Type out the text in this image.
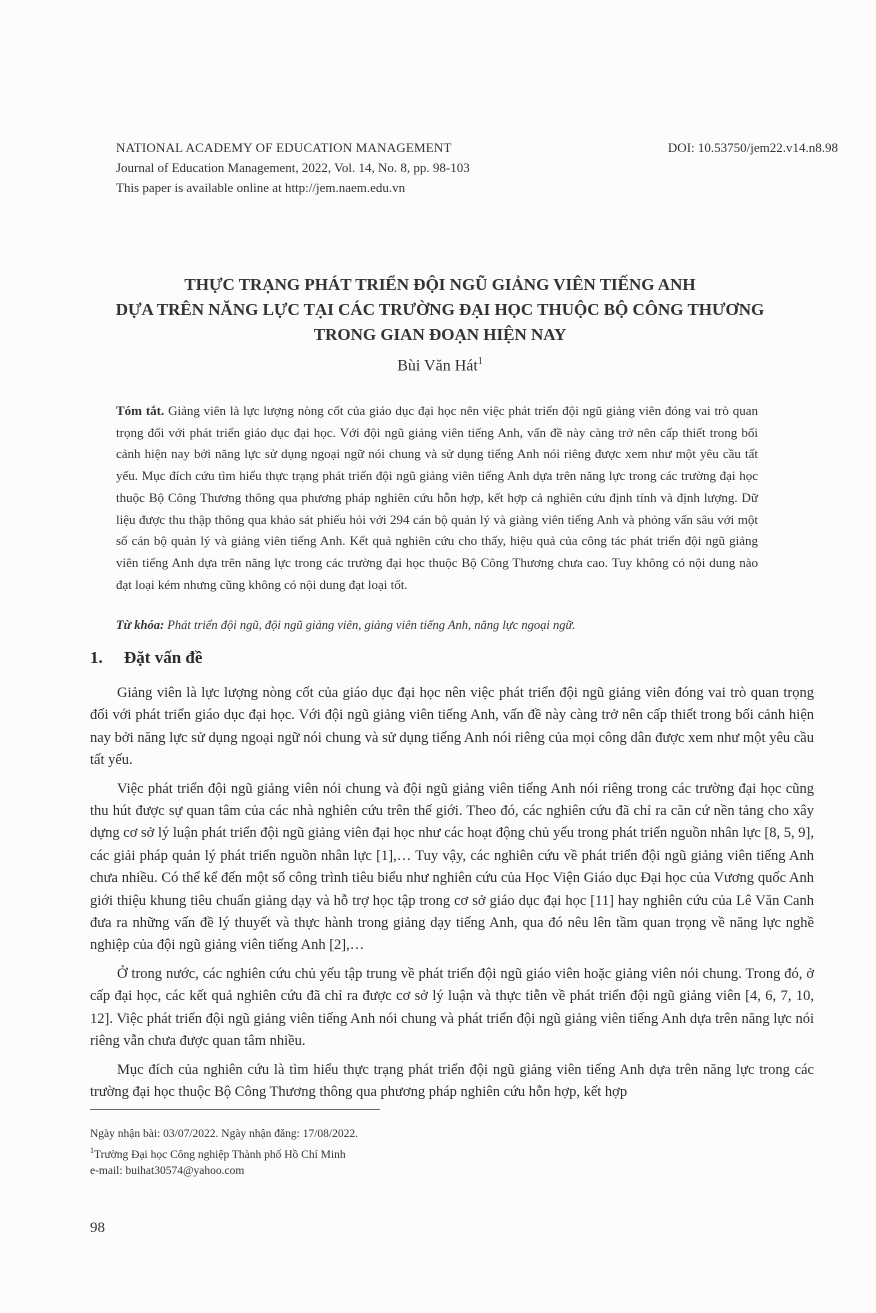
NATIONAL ACADEMY OF EDUCATION MANAGEMENT
Journal of Education Management, 2022, Vol. 14, No. 8, pp. 98-103
This paper is available online at http://jem.naem.edu.vn
DOI: 10.53750/jem22.v14.n8.98
THỰC TRẠNG PHÁT TRIỂN ĐỘI NGŨ GIẢNG VIÊN TIẾNG ANH
DỰA TRÊN NĂNG LỰC TẠI CÁC TRƯỜNG ĐẠI HỌC THUỘC BỘ CÔNG THƯƠNG
TRONG GIAN ĐOẠN HIỆN NAY
Bùi Văn Hát$^1$
Tóm tắt. Giảng viên là lực lượng nòng cốt của giáo dục đại học nên việc phát triển đội ngũ giảng viên đóng vai trò quan trọng đối với phát triển giáo dục đại học. Với đội ngũ giảng viên tiếng Anh, vấn đề này càng trở nên cấp thiết trong bối cảnh hiện nay bởi năng lực sử dụng ngoại ngữ nói chung và sử dụng tiếng Anh nói riêng được xem như một yêu cầu tất yếu. Mục đích cứu tìm hiểu thực trạng phát triển đội ngũ giảng viên tiếng Anh dựa trên năng lực trong các trường đại học thuộc Bộ Công Thương thông qua phương pháp nghiên cứu hỗn hợp, kết hợp cả nghiên cứu định tính và định lượng. Dữ liệu được thu thập thông qua khảo sát phiếu hỏi với 294 cán bộ quản lý và giảng viên tiếng Anh và phỏng vấn sâu với một số cán bộ quản lý và giảng viên tiếng Anh. Kết quả nghiên cứu cho thấy, hiệu quả của công tác phát triển đội ngũ giảng viên tiếng Anh dựa trên năng lực trong các trường đại học thuộc Bộ Công Thương chưa cao. Tuy không có nội dung nào đạt loại kém nhưng cũng không có nội dung đạt loại tốt.
Từ khóa: Phát triển đội ngũ, đội ngũ giảng viên, giảng viên tiếng Anh, năng lực ngoại ngữ.
1. Đặt vấn đề

Giảng viên là lực lượng nòng cốt của giáo dục đại học nên việc phát triển đội ngũ giảng viên đóng vai trò quan trọng đối với phát triển giáo dục đại học. Với đội ngũ giảng viên tiếng Anh, vấn đề này càng trở nên cấp thiết trong bối cảnh hiện nay bởi năng lực sử dụng ngoại ngữ nói chung và sử dụng tiếng Anh nói riêng của mọi công dân được xem như một yêu cầu tất yếu.

Việc phát triển đội ngũ giảng viên nói chung và đội ngũ giảng viên tiếng Anh nói riêng trong các trường đại học cũng thu hút được sự quan tâm của các nhà nghiên cứu trên thế giới. Theo đó, các nghiên cứu đã chỉ ra căn cứ nền tảng cho xây dựng cơ sở lý luận phát triển đội ngũ giảng viên đại học như các hoạt động chủ yếu trong phát triển nguồn nhân lực [8, 5, 9], các giải pháp quản lý phát triển nguồn nhân lực [1],… Tuy vậy, các nghiên cứu về phát triển đội ngũ giảng viên tiếng Anh chưa nhiều. Có thể kể đến một số công trình tiêu biểu như nghiên cứu của Học Viện Giáo dục Đại học của Vương quốc Anh giới thiệu khung tiêu chuẩn giảng dạy và hỗ trợ học tập trong cơ sở giáo dục đại học [11] hay nghiên cứu của Lê Văn Canh đưa ra những vấn đề lý thuyết và thực hành trong giảng dạy tiếng Anh, qua đó nêu lên tầm quan trọng về năng lực nghề nghiệp của đội ngũ giảng viên tiếng Anh [2],…

Ở trong nước, các nghiên cứu chủ yếu tập trung về phát triển đội ngũ giáo viên hoặc giảng viên nói chung. Trong đó, ở cấp đại học, các kết quả nghiên cứu đã chỉ ra được cơ sở lý luận và thực tiễn về phát triển đội ngũ giảng viên [4, 6, 7, 10, 12]. Việc phát triển đội ngũ giảng viên tiếng Anh nói chung và phát triển đội ngũ giảng viên tiếng Anh dựa trên năng lực nói riêng vẫn chưa được quan tâm nhiều.

Mục đích của nghiên cứu là tìm hiểu thực trạng phát triển đội ngũ giảng viên tiếng Anh dựa trên năng lực trong các trường đại học thuộc Bộ Công Thương thông qua phương pháp nghiên cứu hỗn hợp, kết hợp

Ngày nhận bài: 03/07/2022. Ngày nhận đăng: 17/08/2022.
$^1$Trường Đại học Công nghiệp Thành phố Hồ Chí Minh
e-mail: buihat30574@yahoo.com
98
